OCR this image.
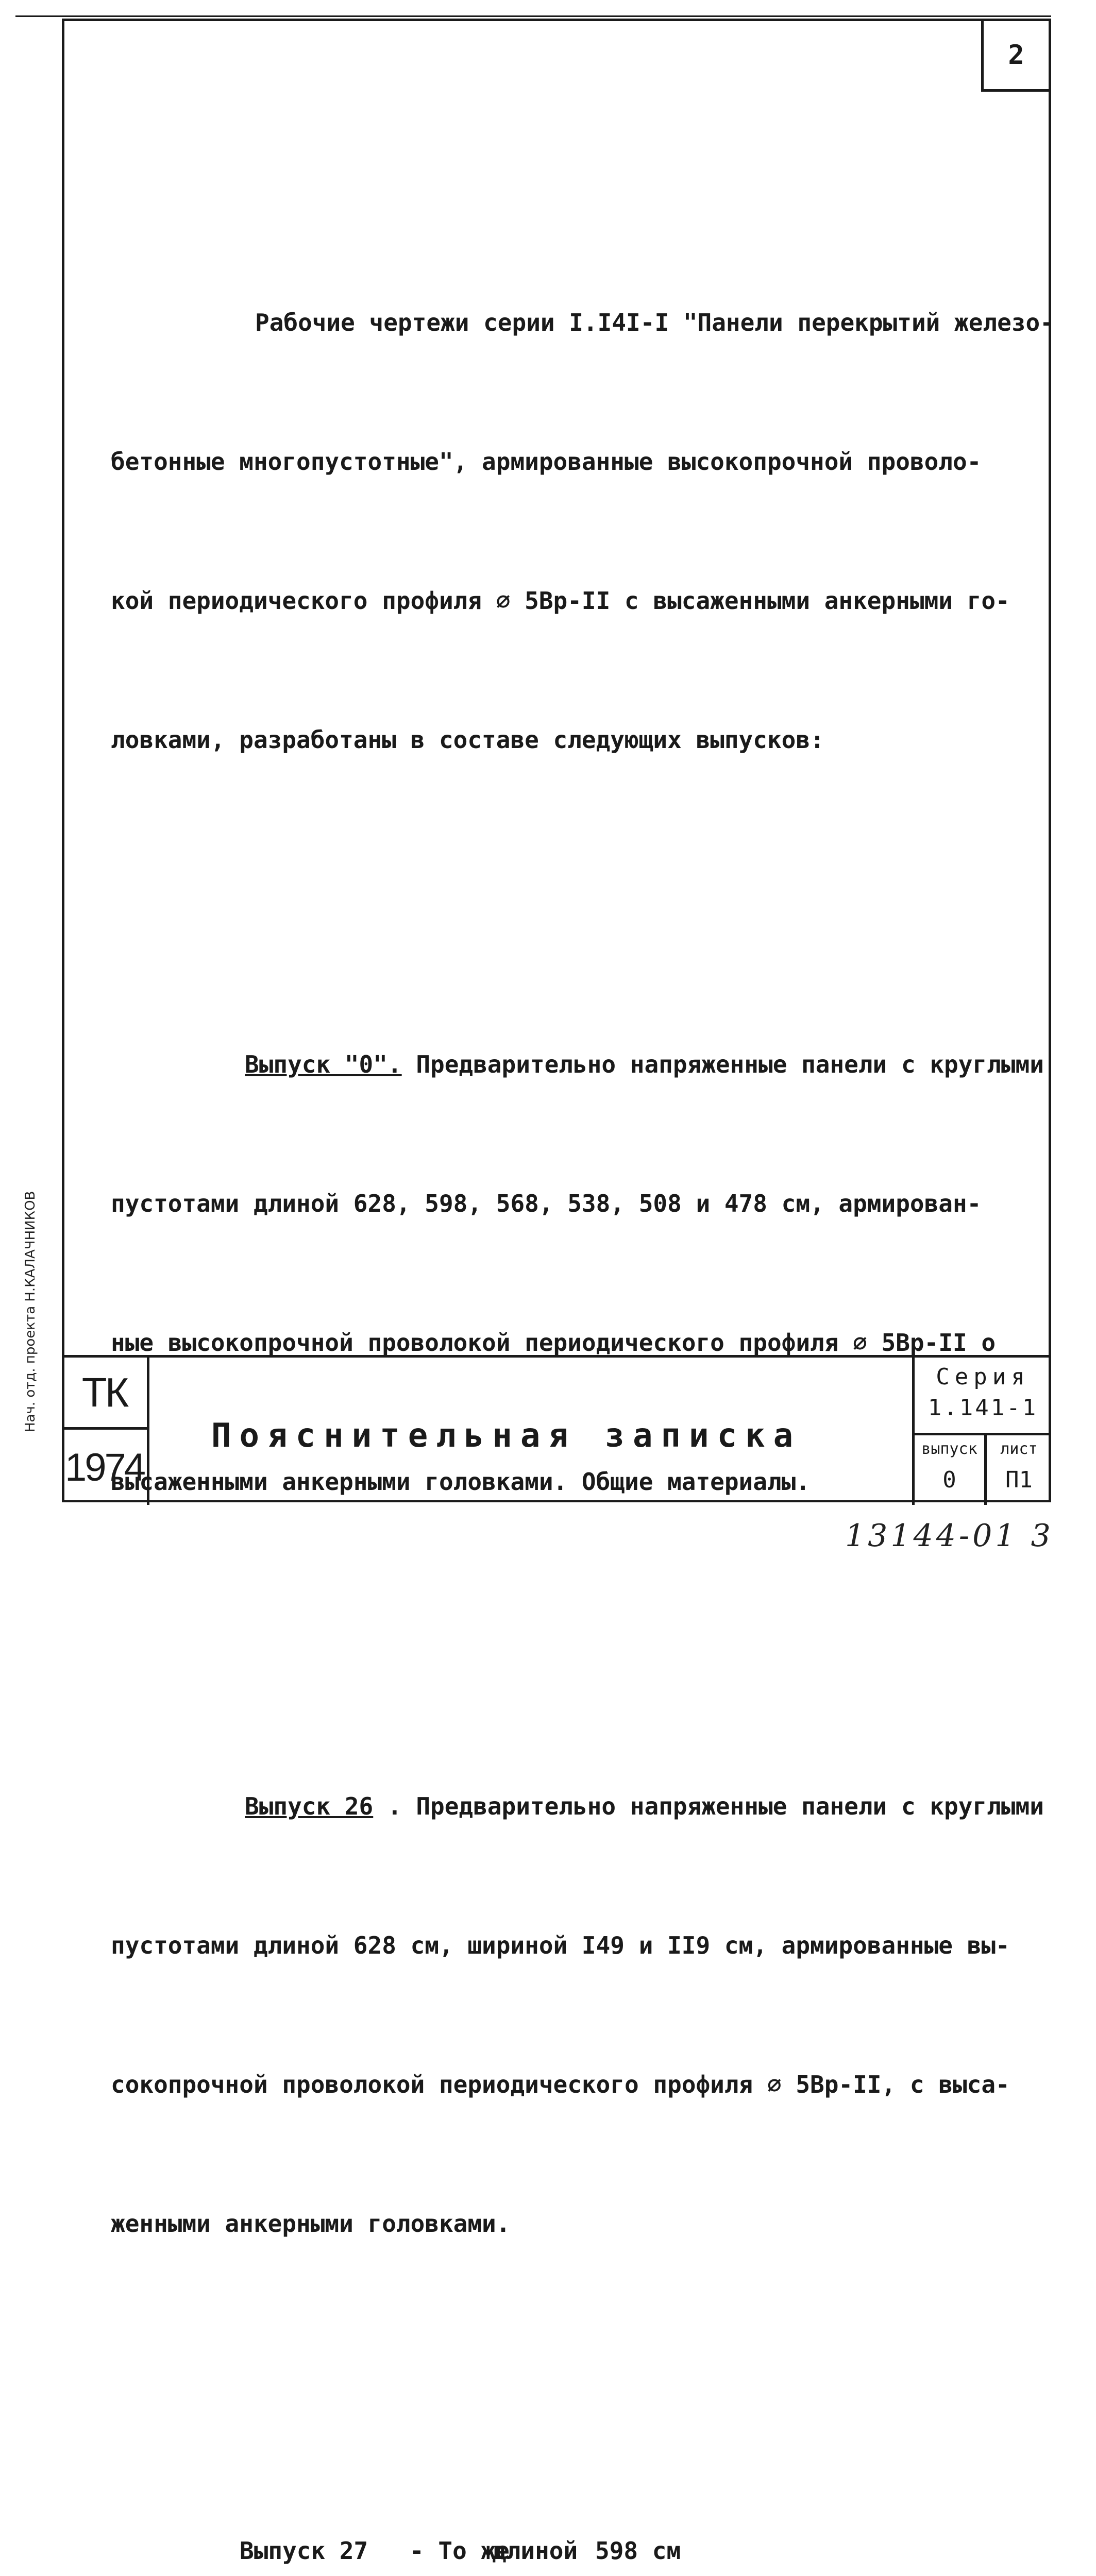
2

Рабочие чертежи серии I.I4I-I "Панели перекрытий железо-

бетонные многопустотные", армированные высокопрочной проволо-

кой периодического профиля ⌀ 5Вр-II с высаженными анкерными го-

ловками, разработаны в составе следующих выпусков:

Выпуск "0". Предварительно напряженные панели с круглыми

пустотами длиной 628, 598, 568, 538, 508 и 478 см, армирован-

ные высокопрочной проволокой периодического профиля ⌀ 5Вр-II о

высаженными анкерными головками. Общие материалы.

Выпуск 26 . Предварительно напряженные панели с круглыми

пустотами длиной 628 см, шириной I49 и II9 см, армированные вы-

сокопрочной проволокой периодического профиля ⌀ 5Вр-II, с высa-

женными анкерными головками.

Выпуск 27	- То же
длиной 598 см

ТК
1974
Пояснительная записка
Серия
1.141-1
выпуск
0
лист
П1
Нач. отд. проекта Н.КАЛАЧНИКОВ
13144-01 3
